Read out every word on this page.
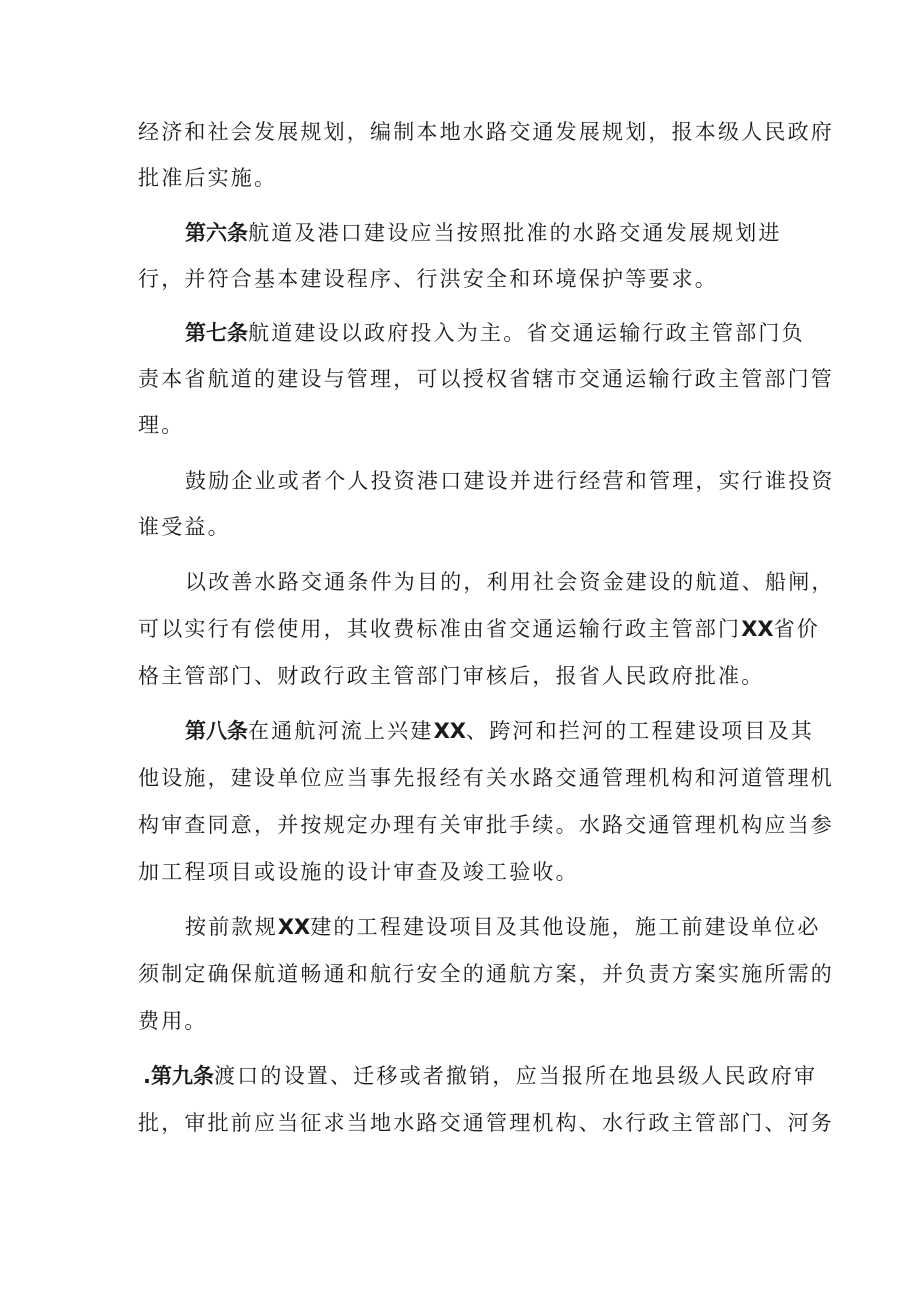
经济和社会发展规划，编制本地水路交通发展规划，报本级人民政府
批准后实施。
第六条航道及港口建设应当按照批准的水路交通发展规划进
行，并符合基本建设程序、行洪安全和环境保护等要求。
第七条航道建设以政府投入为主。省交通运输行政主管部门负
责本省航道的建设与管理，可以授权省辖市交通运输行政主管部门管
理。
鼓励企业或者个人投资港口建设并进行经营和管理，实行谁投资
谁受益。
以改善水路交通条件为目的，利用社会资金建设的航道、船闸，
可以实行有偿使用，其收费标准由省交通运输行政主管部门XX省价
格主管部门、财政行政主管部门审核后，报省人民政府批准。
第八条在通航河流上兴建XX、跨河和拦河的工程建设项目及其
他设施，建设单位应当事先报经有关水路交通管理机构和河道管理机
构审查同意，并按规定办理有关审批手续。水路交通管理机构应当参
加工程项目或设施的设计审查及竣工验收。
按前款规XX建的工程建设项目及其他设施，施工前建设单位必
须制定确保航道畅通和航行安全的通航方案，并负责方案实施所需的
费用。
.第九条渡口的设置、迁移或者撤销，应当报所在地县级人民政府审
批，审批前应当征求当地水路交通管理机构、水行政主管部门、河务
